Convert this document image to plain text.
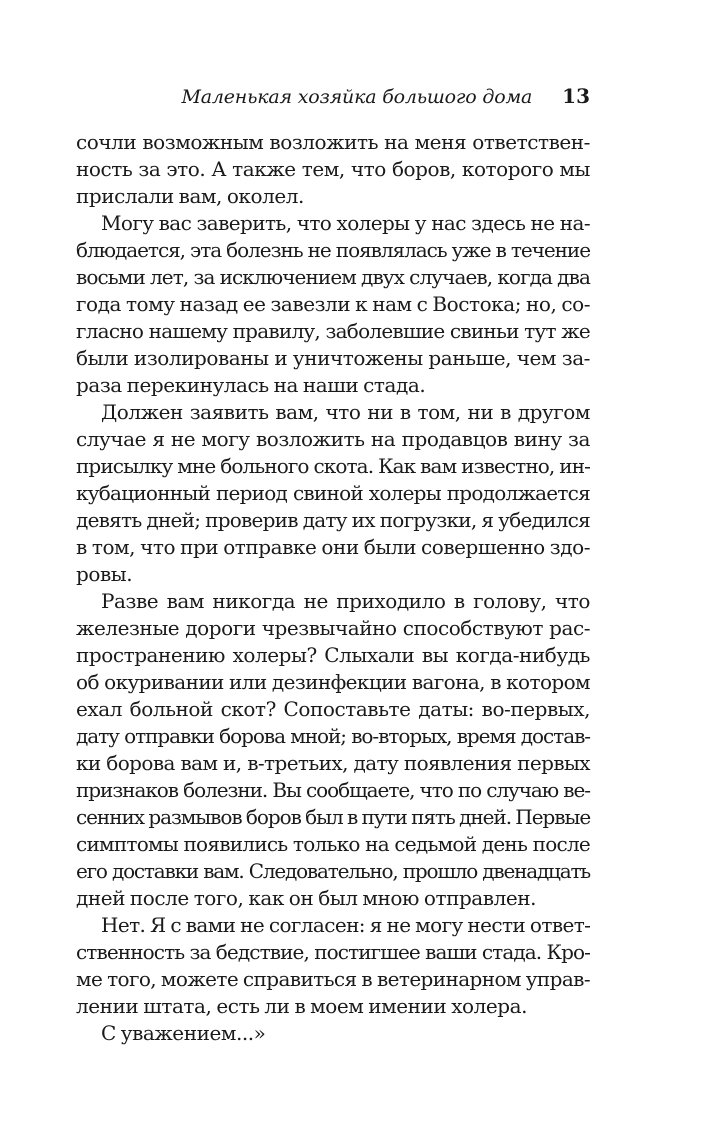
Маленькая хозяйка большого дома 13
сочли возможным возложить на меня ответствен-
ность за это. А также тем, что боров, которого мы
прислали вам, околел.
Могу вас заверить, что холеры у нас здесь не на-
блюдается, эта болезнь не появлялась уже в течение
восьми лет, за исключением двух случаев, когда два
года тому назад ее завезли к нам с Востока; но, со-
гласно нашему правилу, заболевшие свиньи тут же
были изолированы и уничтожены раньше, чем за-
раза перекинулась на наши стада.
Должен заявить вам, что ни в том, ни в другом
случае я не могу возложить на продавцов вину за
присылку мне больного скота. Как вам известно, ин-
кубационный период свиной холеры продолжается
девять дней; проверив дату их погрузки, я убедился
в том, что при отправке они были совершенно здо-
ровы.
Разве вам никогда не приходило в голову, что
железные дороги чрезвычайно способствуют рас-
пространению холеры? Слыхали вы когда-нибудь
об окуривании или дезинфекции вагона, в котором
ехал больной скот? Сопоставьте даты: во-первых,
дату отправки борова мной; во-вторых, время достав-
ки борова вам и, в-третьих, дату появления первых
признаков болезни. Вы сообщаете, что по случаю ве-
сенних размывов боров был в пути пять дней. Первые
симптомы появились только на седьмой день после
его доставки вам. Следовательно, прошло двенадцать
дней после того, как он был мною отправлен.
Нет. Я с вами не согласен: я не могу нести ответ-
ственность за бедствие, постигшее ваши стада. Кро-
ме того, можете справиться в ветеринарном управ-
лении штата, есть ли в моем имении холера.
С уважением...»
